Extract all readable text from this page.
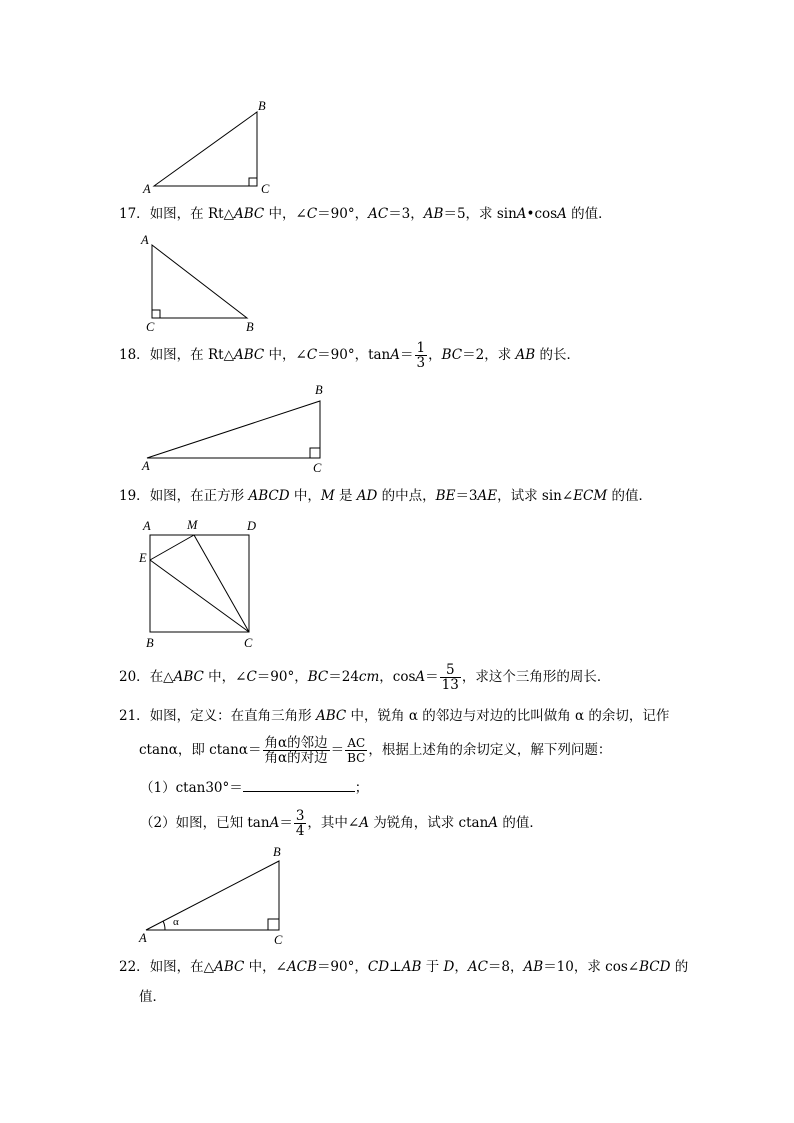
B
A	C
A
C	B
B
A	C
A	M	D
E
B	C
B
A	C
α
17．如图，在 Rt△ABC 中，∠C＝90°，AC＝3，AB＝5，求 sinA•cosA 的值．
18．如图，在 Rt△ABC 中，∠C＝90°，$\tan A= \frac{1}{3}$ ，BC＝2，求 AB 的长．
19．如图，在正方形 ABCD 中，M 是 AD 的中点，BE＝3AE，试求 sin∠ECM 的值．
20．在△ABC 中，∠C＝90°，BC＝24cm，$\cos A= \frac{5}{13}$ ，求这个三角形的周长．
21．如图，定义：在直角三角形 ABC 中，锐角 α 的邻边与对边的比叫做角 α 的余切，记作
ctanα，即 $ctan\alpha= \frac{\text{角α的邻边}}{\text{角α的对边}} = \frac{AC}{BC}$ ，根据上述角的余切定义，解下列问题：
（1）ctan30°＝	；
（2）如图，已知 $\tan A= \frac{3}{4}$ ，其中∠A 为锐角，试求 ctanA 的值．
22．如图，在△ABC 中，∠ACB＝90°，CD⊥AB 于 D，AC＝8，AB＝10，求 cos∠BCD 的
值．
